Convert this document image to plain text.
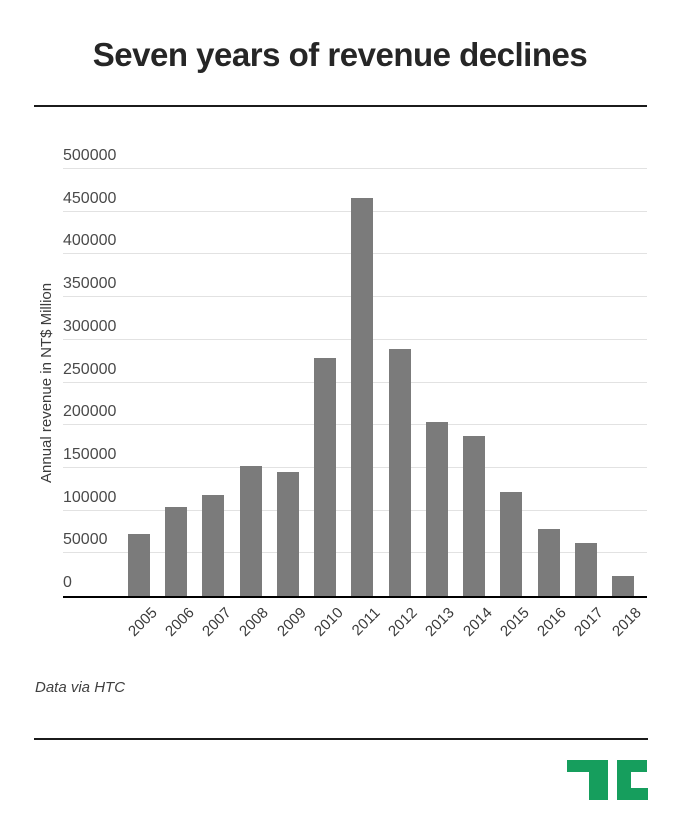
Seven years of revenue declines
Annual revenue in NT$ Million
0
50000
100000
150000
200000
250000
300000
350000
400000
450000
500000
2005 2006 2007 2008 2009 2010 2011 2012 2013 2014 2015 2016 2017 2018
Data via HTC
